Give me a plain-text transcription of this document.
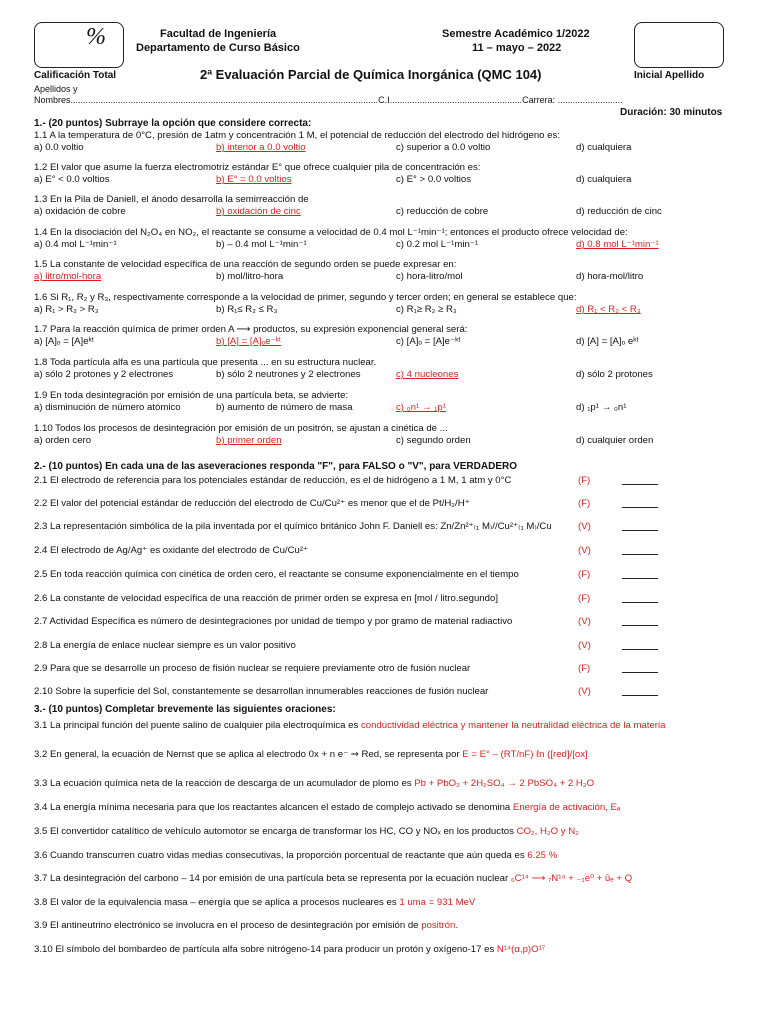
%	Facultad de Ingeniería
Departamento de Curso Básico
Semestre Académico 1/2022
11 – mayo – 2022
Calificación Total	2ª Evaluación Parcial de Química Inorgánica (QMC 104)	Inicial Apellido
Apellidos y
Nombres...........................................................................................................................C.I.....................................................Carrera: ..........................
Duración: 30 minutos
1.- (20 puntos) Subrraye la opción que considere correcta:
1.1 A la temperatura de 0°C, presión de 1atm y concentración 1 M, el potencial de reducción del electrodo del hidrógeno es:
a) 0.0 voltio	b) interior a 0.0 voltio	c) superior a 0.0 voltio	d) cualquiera
1.2 El valor que asume la fuerza electromotriz estándar E° que ofrece cualquier pila de concentración es:
a) E° < 0.0 voltios	b) E° = 0.0 voltios	c) E° > 0.0 voltios	d) cualquiera
1.3 En la Pila de Daniell, el ánodo desarrolla la semirreacción de
a) oxidación de cobre	b) oxidación de cinc	c) reducción de cobre	d) reducción de cinc
1.4 En la disociación del N₂O₄ en NO₂, el reactante se consume a velocidad de 0.4 mol L⁻¹min⁻¹; entonces el producto ofrece velocidad de:
a) 0.4 mol L⁻¹min⁻¹	b) – 0.4 mol L⁻¹min⁻¹	c) 0.2 mol L⁻¹min⁻¹	d) 0.8 mol L⁻¹min⁻¹
1.5 La constante de velocidad específica de una reacción de segundo orden se puede expresar en:
a) litro/mol-hora	b) mol/litro-hora	c) hora-litro/mol	d) hora-mol/litro
1.6 Si R₁, R₂ y R₃, respectivamente corresponde a la velocidad de primer, segundo y tercer orden; en general se establece que:
a) R₁ > R₂ > R₃	b) R₁≤ R₂ ≤ R₃	c) R₁≥ R₂ ≥ R₃	d) R₁ < R₂ < R₃
1.7 Para la reacción química de primer orden A ⟶ productos, su expresión exponencial general será:
a) [A]ₒ = [A]eᵏᵗ	b) [A] = [A]ₒe⁻ᵏᵗ	c) [A]ₒ = [A]e⁻ᵏᵗ	d) [A] = [A]ₒ eᵏᵗ
1.8 Toda partícula alfa es una partícula que presenta ... en su estructura nuclear.
a) sólo 2 protones y 2 electrones	b) sólo 2 neutrones y 2 electrones	c) 4 nucleones	d) sólo 2 protones
1.9 En toda desintegración por emisión de una partícula beta, se advierte:
a) disminución de número atómico	b) aumento de número de masa	c) ₀n¹ → ₁p¹	d) ₁p¹ → ₀n¹
1.10 Todos los procesos de desintegración por emisión de un positrón, se ajustan a cinética de ...
a) orden cero	b) primer orden	c) segundo orden	d) cualquier orden
2.- (10 puntos) En cada una de las aseveraciones responda "F", para FALSO o "V", para VERDADERO
2.1 El electrodo de referencia para los potenciales estándar de reducción, es el de hidrógeno a 1 M, 1 atm y 0°C	(F)
2.2 El valor del potencial estándar de reducción del electrodo de Cu/Cu²⁺ es menor que el de Pt/H₂/H⁺	(F)
2.3 La representación simbólica de la pila inventada por el químico británico John F. Daniell es: Zn/Zn²⁺₍₁ M₎//Cu²⁺₍₁ M₎/Cu	(V)
2.4 El electrodo de Ag/Ag⁺ es oxidante del electrodo de Cu/Cu²⁺	(V)
2.5 En toda reacción química con cinética de orden cero, el reactante se consume exponencialmente en el tiempo	(F)
2.6 La constante de velocidad específica de una reacción de primer orden se expresa en [mol / litro.segundo]	(F)
2.7 Actividad Específica es número de desintegraciones por unidad de tiempo y por gramo de material radiactivo	(V)
2.8 La energía de enlace nuclear siempre es un valor positivo	(V)
2.9 Para que se desarrolle un proceso de fisión nuclear se requiere previamente otro de fusión nuclear	(F)
2.10 Sobre la superficie del Sol, constantemente se desarrollan innumerables reacciones de fusión nuclear	(V)
3.- (10 puntos) Completar brevemente las siguientes oraciones:
3.1 La principal función del puente salino de cualquier pila electroquímica es conductividad eléctrica y mantener la neutralidad eléctrica de la materia
3.2 En general, la ecuación de Nernst que se aplica al electrodo 0x + n e⁻ ⇒ Red, se representa por E = E° – (RT/nF) ℓn ([red]/[ox]
3.3 La ecuación química neta de la reacción de descarga de un acumulador de plomo es Pb + PbO₂ + 2H₂SO₄ → 2 PbSO₄ + 2 H₂O
3.4 La energía mínima necesaria para que los reactantes alcancen el estado de complejo activado se denomina Energía de activación, Eₐ
3.5 El convertidor catalítico de vehículo automotor se encarga de transformar los HC, CO y NOₓ en los productos CO₂, H₂O y N₂
3.6 Cuando transcurren cuatro vidas medias consecutivas, la proporción porcentual de reactante que aún queda es 6.25 %
3.7 La desintegración del carbono – 14 por emisión de una partícula beta se representa por la ecuación nuclear ₆C¹⁴ ⟶ ₇N¹⁴ + ₋₁e⁰ + ῡₑ + Q
3.8 El valor de la equivalencia masa – energía que se aplica a procesos nucleares es 1 uma = 931 MeV
3.9 El antineutrino electrónico se involucra en el proceso de desintegración por emisión de positrón.
3.10 El símbolo del bombardeo de partícula alfa sobre nitrógeno-14 para producir un protón y oxígeno-17 es N¹⁴(α,p)O¹⁷
